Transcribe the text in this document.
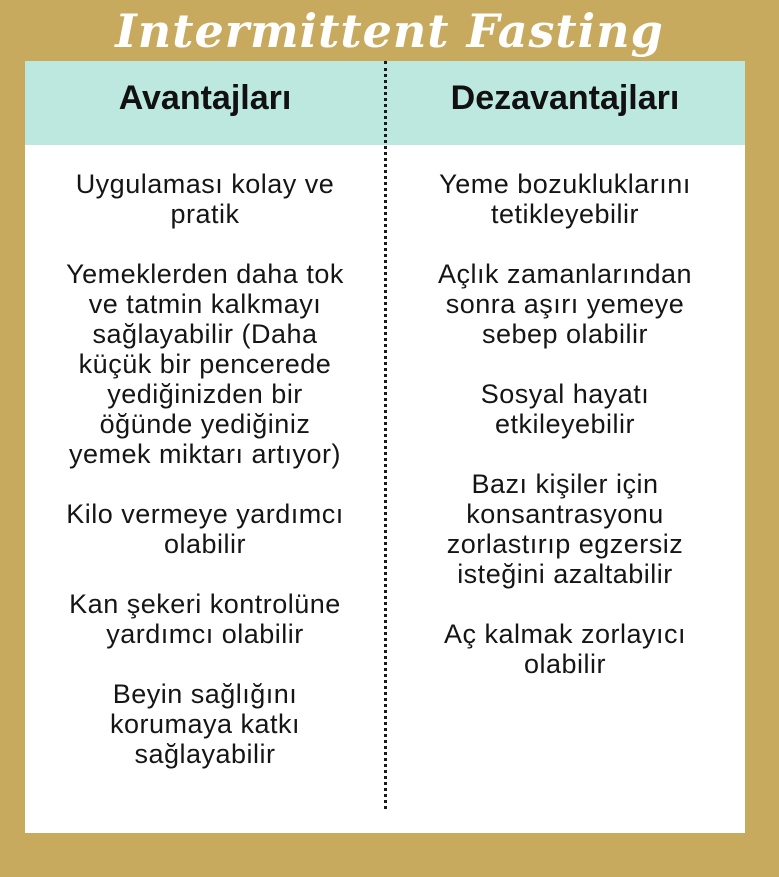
Intermittent Fasting
Avantajları	Dezavantajları
Uygulaması kolay ve
pratik
Yemeklerden daha tok
ve tatmin kalkmayı
sağlayabilir (Daha
küçük bir pencerede
yediğinizden bir
öğünde yediğiniz
yemek miktarı artıyor)
Kilo vermeye yardımcı
olabilir
Kan şekeri kontrolüne
yardımcı olabilir
Beyin sağlığını
korumaya katkı
sağlayabilir
Yeme bozukluklarını
tetikleyebilir
Açlık zamanlarından
sonra aşırı yemeye
sebep olabilir
Sosyal hayatı
etkileyebilir
Bazı kişiler için
konsantrasyonu
zorlastırıp egzersiz
isteğini azaltabilir
Aç kalmak zorlayıcı
olabilir
